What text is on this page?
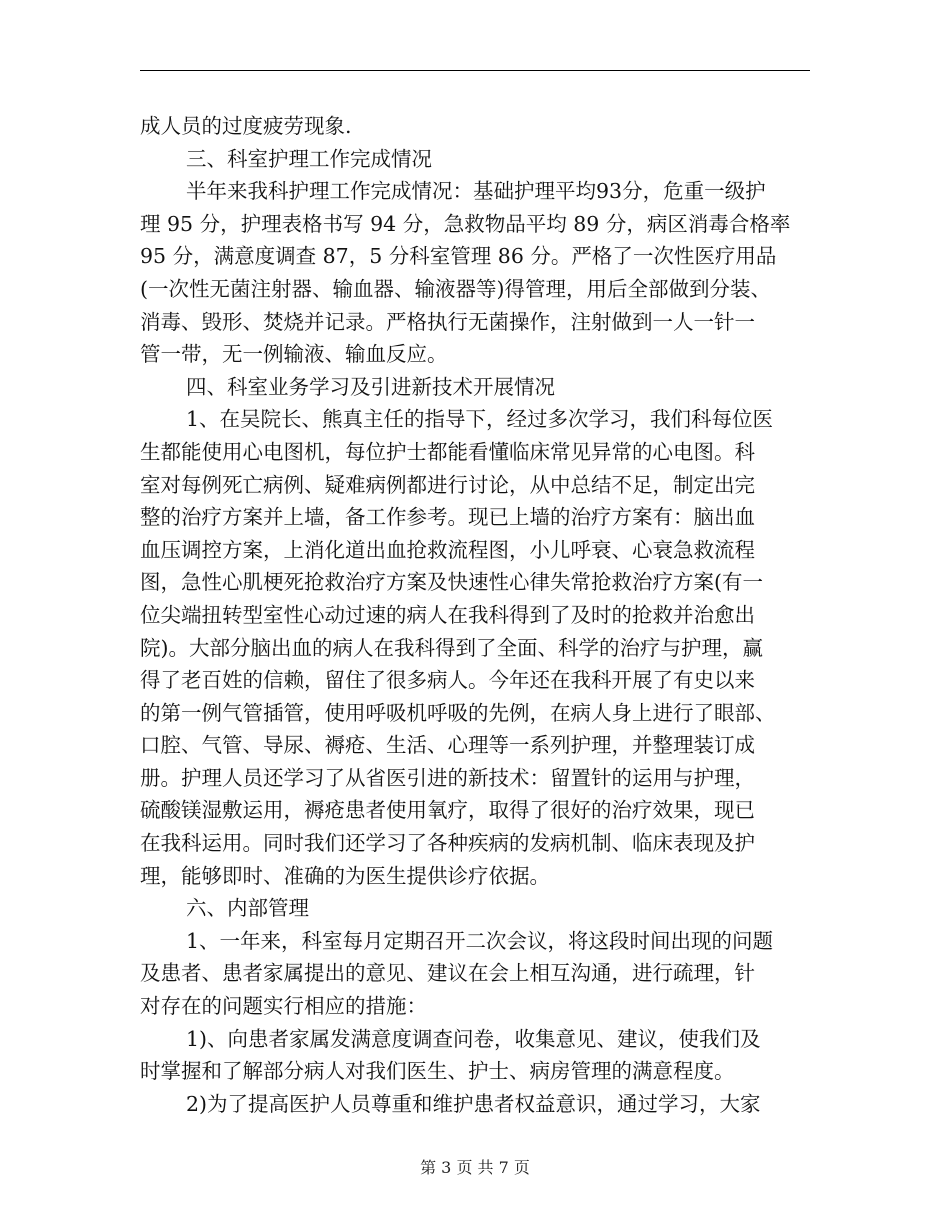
成人员的过度疲劳现象.
三、科室护理工作完成情况
半年来我科护理工作完成情况：基础护理平均93分，危重一级护
理 95 分，护理表格书写 94 分，急救物品平均 89 分，病区消毒合格率
95 分，满意度调查 87，5 分科室管理 86 分。严格了一次性医疗用品
(一次性无菌注射器、输血器、输液器等)得管理，用后全部做到分装、
消毒、毁形、焚烧并记录。严格执行无菌操作，注射做到一人一针一
管一带，无一例输液、输血反应。
四、科室业务学习及引进新技术开展情况
1、在吴院长、熊真主任的指导下，经过多次学习，我们科每位医
生都能使用心电图机，每位护士都能看懂临床常见异常的心电图。科
室对每例死亡病例、疑难病例都进行讨论，从中总结不足，制定出完
整的治疗方案并上墙，备工作参考。现已上墙的治疗方案有：脑出血
血压调控方案，上消化道出血抢救流程图，小儿呼衰、心衰急救流程
图，急性心肌梗死抢救治疗方案及快速性心律失常抢救治疗方案(有一
位尖端扭转型室性心动过速的病人在我科得到了及时的抢救并治愈出
院)。大部分脑出血的病人在我科得到了全面、科学的治疗与护理，赢
得了老百姓的信赖，留住了很多病人。今年还在我科开展了有史以来
的第一例气管插管，使用呼吸机呼吸的先例，在病人身上进行了眼部、
口腔、气管、导尿、褥疮、生活、心理等一系列护理，并整理装订成
册。护理人员还学习了从省医引进的新技术：留置针的运用与护理，
硫酸镁湿敷运用，褥疮患者使用氧疗，取得了很好的治疗效果，现已
在我科运用。同时我们还学习了各种疾病的发病机制、临床表现及护
理，能够即时、准确的为医生提供诊疗依据。
六、内部管理
1、一年来，科室每月定期召开二次会议，将这段时间出现的问题
及患者、患者家属提出的意见、建议在会上相互沟通，进行疏理，针
对存在的问题实行相应的措施：
1)、向患者家属发满意度调查问卷，收集意见、建议，使我们及
时掌握和了解部分病人对我们医生、护士、病房管理的满意程度。
2)为了提高医护人员尊重和维护患者权益意识，通过学习，大家
第 3 页 共 7 页
